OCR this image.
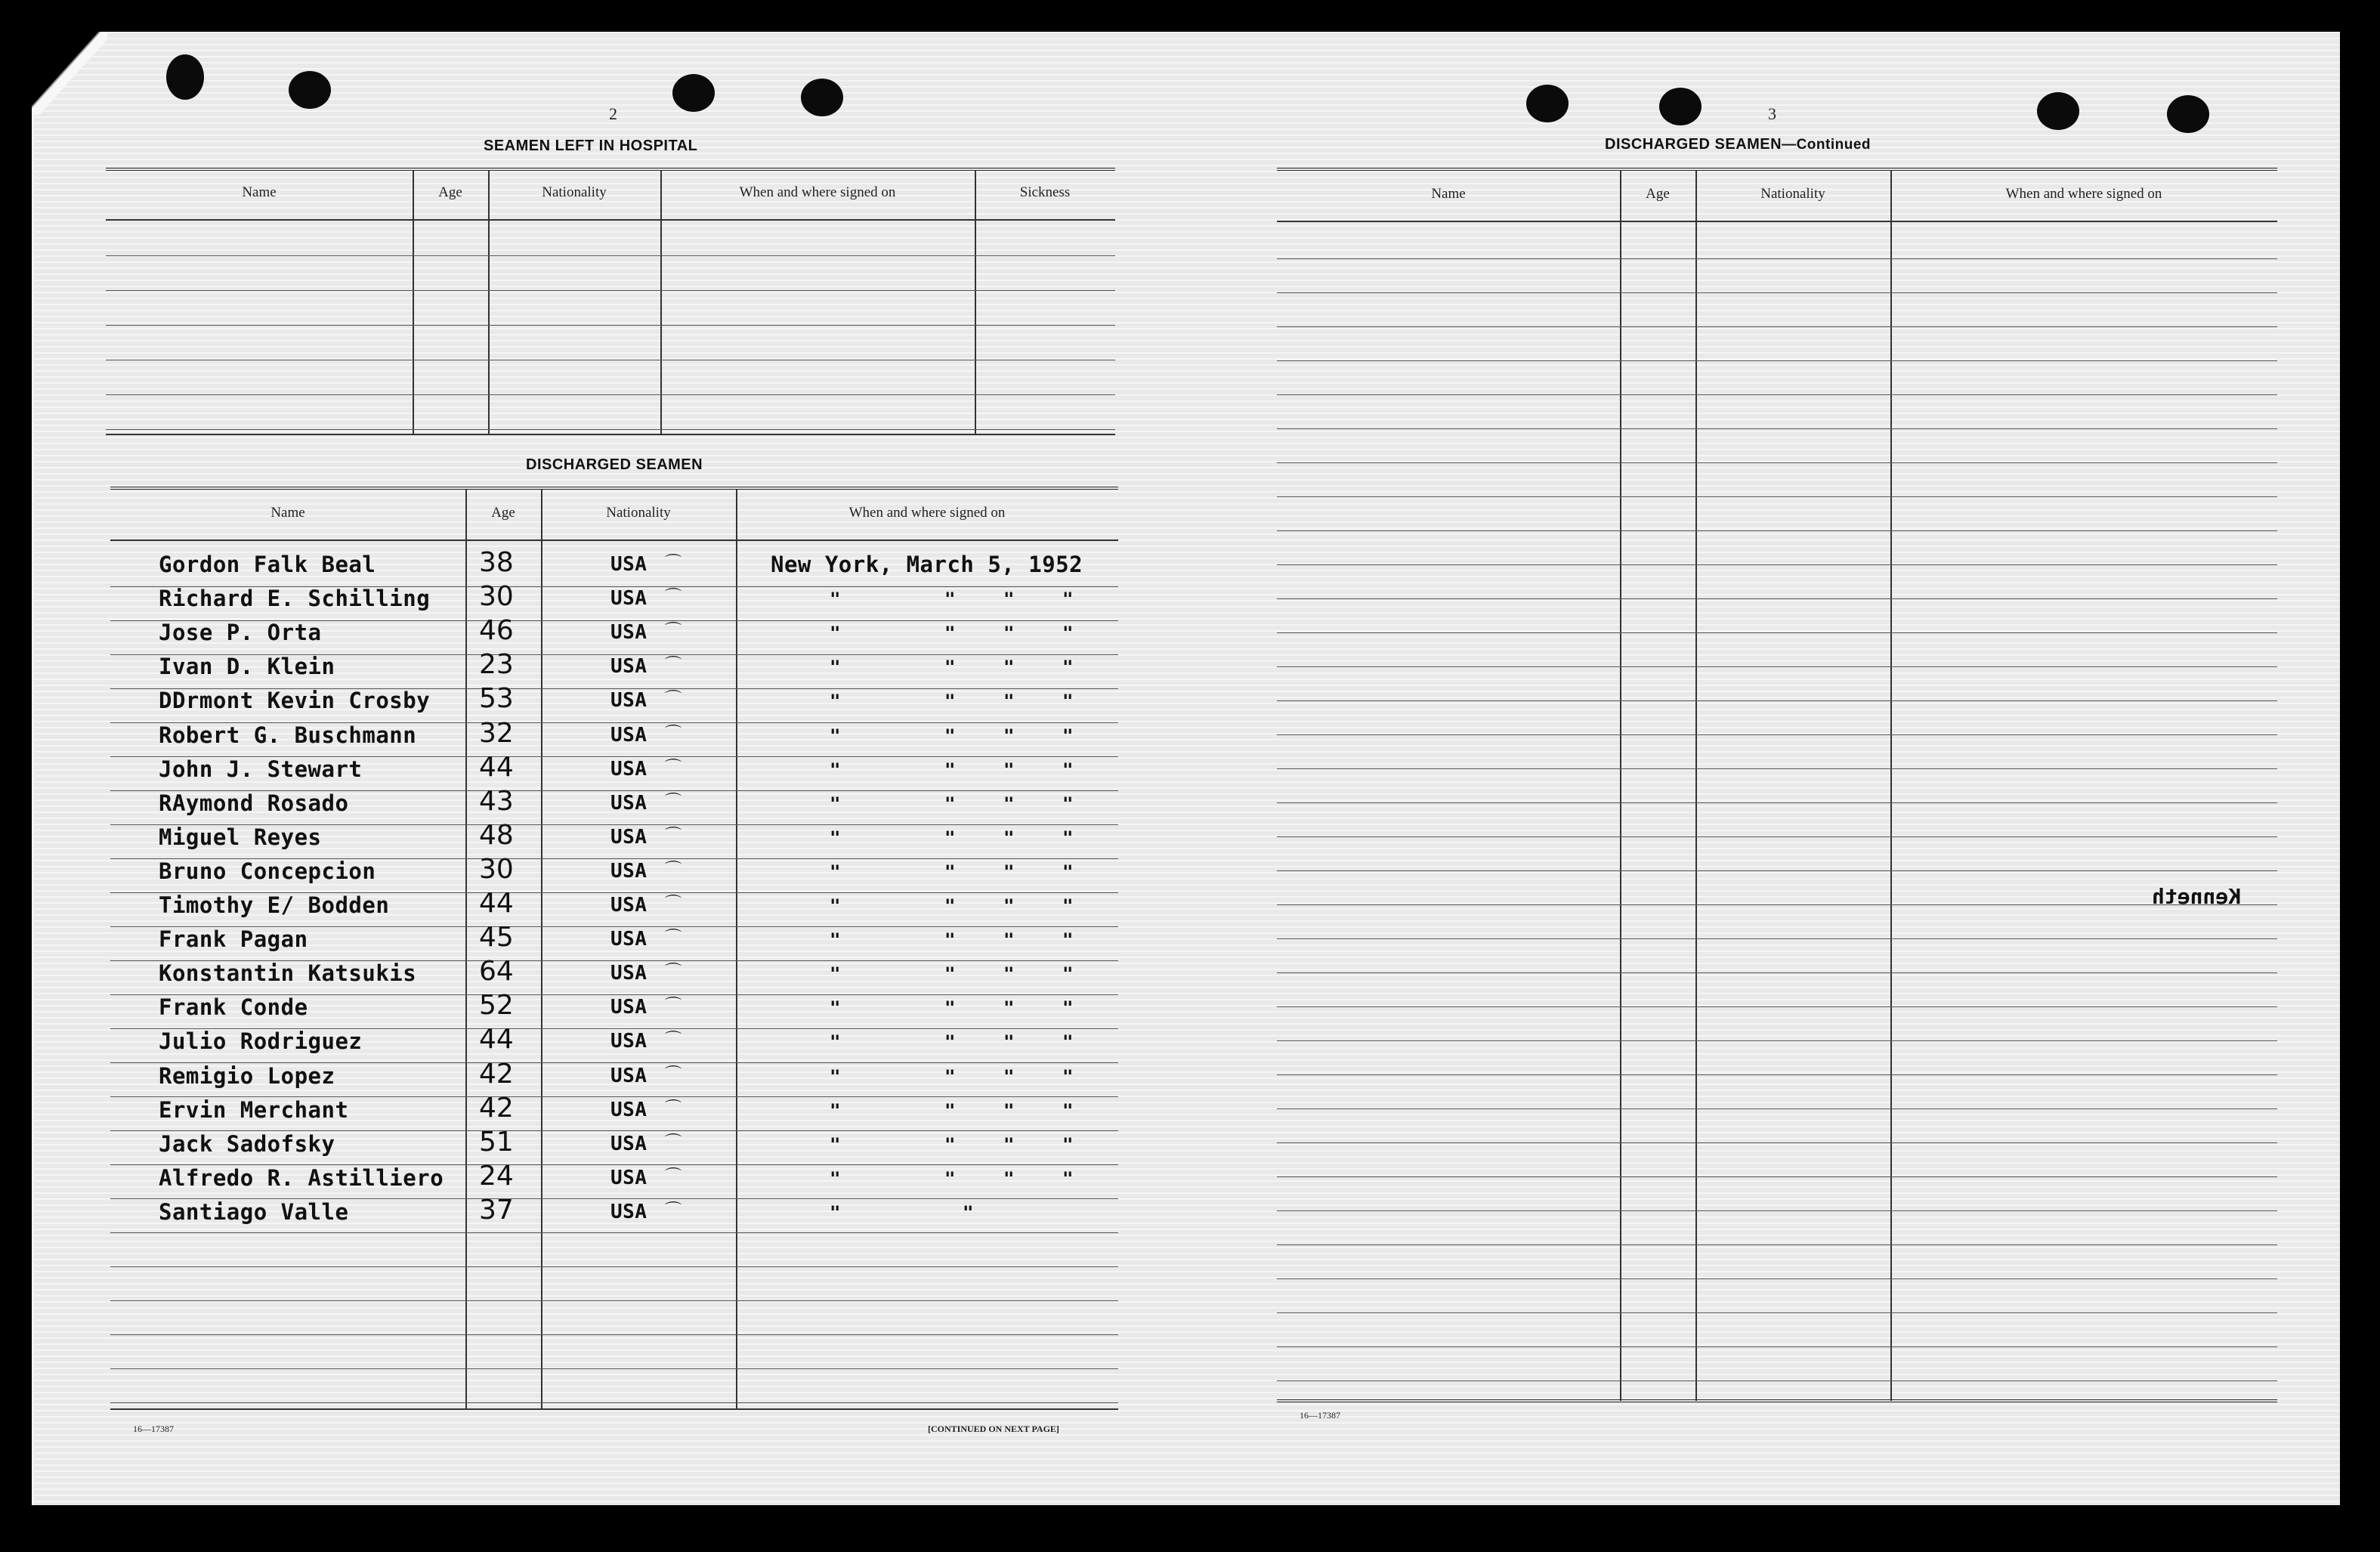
2
SEAMEN LEFT IN HOSPITAL
Name	Age	Nationality	When and where signed on	Sickness
DISCHARGED SEAMEN
Name	Age	Nationality	When and where signed on
Gordon Falk Beal	38	USA ⌒	New York, March 5, 1952
Richard E. Schilling 30	USA ⌒	"	"	"	"
Jose P. Orta	46	USA ⌒	"	"	"	"
Ivan D. Klein	23	USA ⌒	"	"	"	"
DDrmont Kevin Crosby 53	USA ⌒	"	"	"	"
Robert G. Buschmann 32	USA ⌒	"	"	"	"
John J. Stewart	44	USA ⌒	"	"	"	"
RAymond Rosado	43	USA ⌒	"	"	"	"
Miguel Reyes	48	USA ⌒	"	"	"	"
Bruno Concepcion	30	USA ⌒	"	"	"	"
Timothy E/ Bodden	44	USA ⌒	"	"	"	"
Frank Pagan	45	USA ⌒	"	"	"	"
Konstantin Katsukis 64	USA ⌒	"	"	"	"
Frank Conde	52	USA ⌒	"	"	"	"
Julio Rodriguez	44	USA ⌒	"	"	"	"
Remigio Lopez	42	USA ⌒	"	"	"	"
Ervin Merchant	42	USA ⌒	"	"	"	"
Jack Sadofsky	51	USA ⌒	"	"	"	"
Alfredo R. Astilliero 24	USA ⌒	"	"	"	"
Santiago Valle	37	USA ⌒	"	"
16—17387	[CONTINUED ON NEXT PAGE]
3
DISCHARGED SEAMEN—Continued
Name	Age	Nationality	When and where signed on
Kenneth
16—17387
